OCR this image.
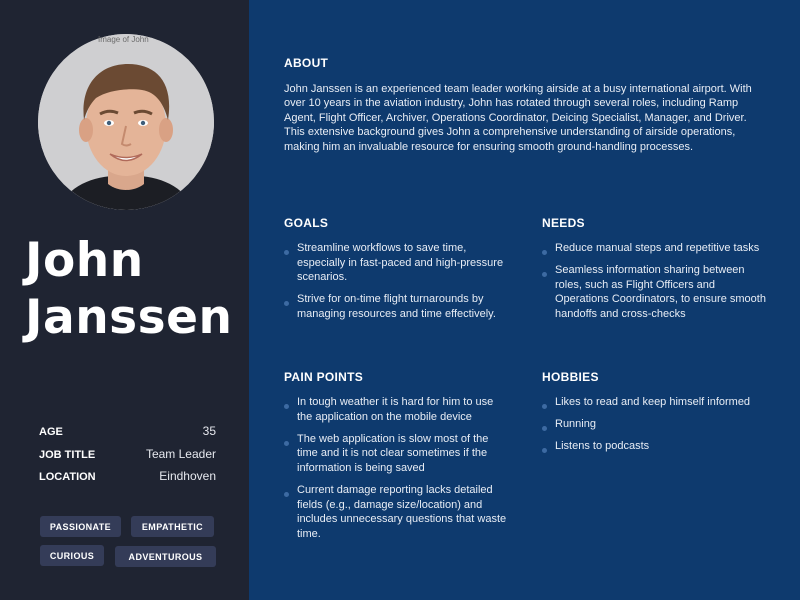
Image of John
John
Janssen
AGE	35
JOB TITLE	Team Leader
LOCATION	Eindhoven
PASSIONATE	EMPATHETIC
CURIOUS	ADVENTUROUS
ABOUT

John Janssen is an experienced team leader working airside at a busy international airport. With over 10 years in the aviation industry, John has rotated through several roles, including Ramp Agent, Flight Officer, Archiver, Operations Coordinator, Deicing Specialist, Manager, and Driver. This extensive background gives John a comprehensive understanding of airside operations, making him an invaluable resource for ensuring smooth ground-handling processes.

GOALS
Streamline workflows to save time, especially in fast-paced and high-pressure scenarios.
Strive for on-time flight turnarounds by managing resources and time effectively.
NEEDS
Reduce manual steps and repetitive tasks
Seamless information sharing between roles, such as Flight Officers and Operations Coordinators, to ensure smooth handoffs and cross-checks
PAIN POINTS
In tough weather it is hard for him to use the application on the mobile device
The web application is slow most of the time and it is not clear sometimes if the information is being saved
Current damage reporting lacks detailed fields (e.g., damage size/location) and includes unnecessary questions that waste time.
HOBBIES
Likes to read and keep himself informed
Running
Listens to podcasts
